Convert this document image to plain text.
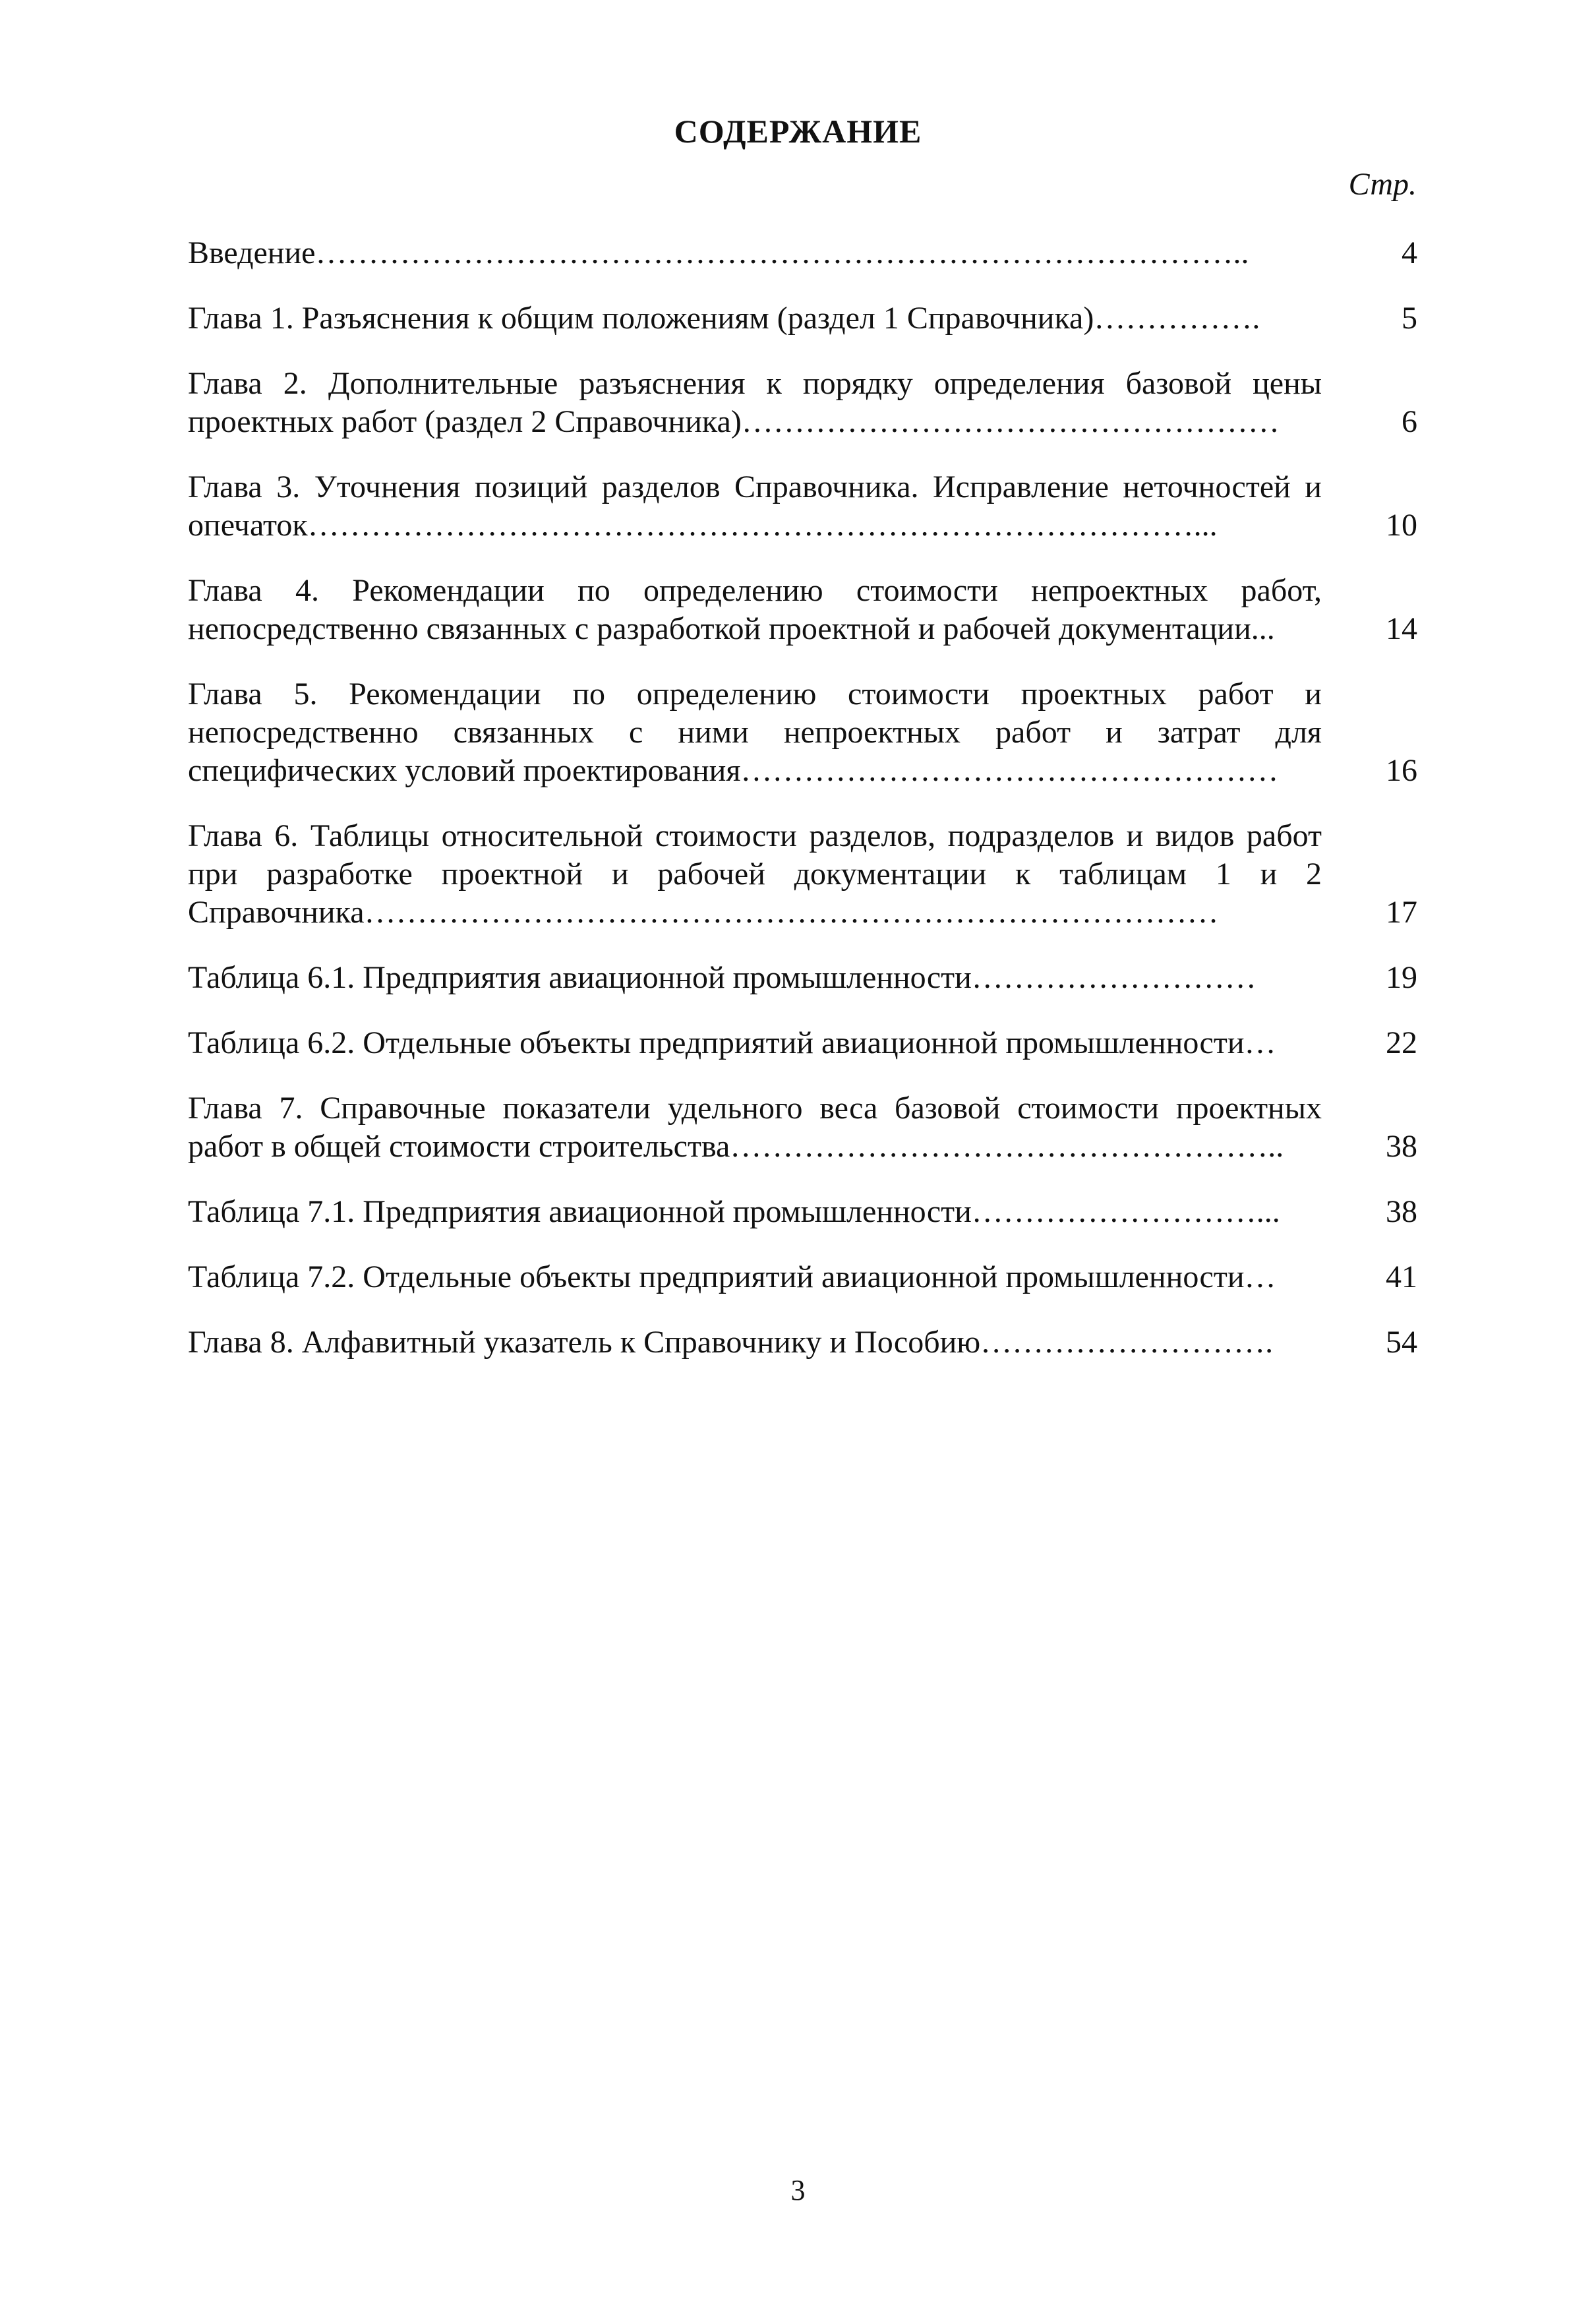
СОДЕРЖАНИЕ
Стр.
Введение……………………………………………………………………………..	4
Глава 1. Разъяснения к общим положениям (раздел 1 Справочника)…………….	5
Глава 2. Дополнительные разъяснения к порядку определения базовой цены проектных работ (раздел 2 Справочника)……………………………………………	6
Глава 3. Уточнения позиций разделов Справочника. Исправление неточностей и опечаток…………………………………………………………………………...	10
Глава 4. Рекомендации по определению стоимости непроектных работ, непосредственно связанных с разработкой проектной и рабочей документации...	14
Глава 5. Рекомендации по определению стоимости проектных работ и непосредственно связанных с ними непроектных работ и затрат для специфических условий проектирования……………………………………………	16
Глава 6. Таблицы относительной стоимости разделов, подразделов и видов работ при разработке проектной и рабочей документации к таблицам 1 и 2 Справочника………………………………………………………………………	17
Таблица 6.1. Предприятия авиационной промышленности………………………	19
Таблица 6.2. Отдельные объекты предприятий авиационной промышленности…	22
Глава 7. Справочные показатели удельного веса базовой стоимости проектных работ в общей стоимости строительства……………………………………………..	38
Таблица 7.1. Предприятия авиационной промышленности………………………...	38
Таблица 7.2. Отдельные объекты предприятий авиационной промышленности…	41
Глава 8. Алфавитный указатель к Справочнику и Пособию……………………….	54
3
